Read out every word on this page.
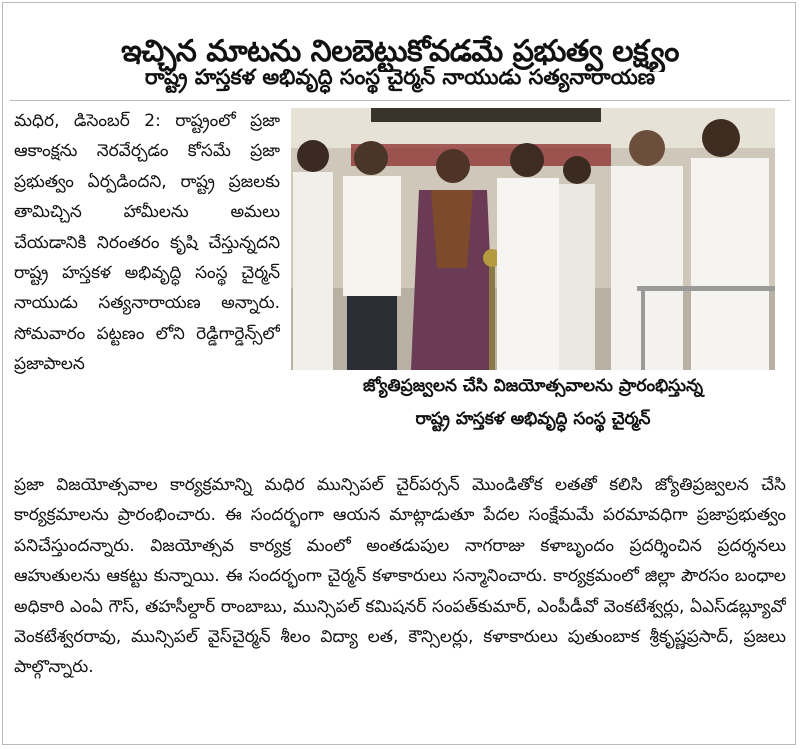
ఇచ్చిన మాటను నిలబెట్టుకోవడమే ప్రభుత్వ లక్ష్యం
రాష్ట్ర హస్తకళ అభివృద్ధి సంస్థ చైర్మన్ నాయుడు సత్యనారాయణ
మధిర, డిసెంబర్ 2: రాష్ట్రంలో ప్రజా ఆకాంక్షను నెరవేర్చడం కోసమే ప్రజా ప్రభుత్వం ఏర్పడిందని, రాష్ట్ర ప్రజలకు తామిచ్చిన హామీలను అమలు చేయడానికి నిరంతరం కృషి చేస్తున్నదని రాష్ట్ర హస్తకళ అభివృద్ధి సంస్థ చైర్మన్ నాయుడు సత్యనారాయణ అన్నారు. సోమవారం పట్టణం లోని రెడ్డిగార్డెన్స్‌లో ప్రజాపాలన
జ్యోతిప్రజ్వలన చేసి విజయోత్సవాలను ప్రారంభిస్తున్న
రాష్ట్ర హస్తకళ అభివృద్ధి సంస్థ చైర్మన్
ప్రజా విజయోత్సవాల కార్యక్రమాన్ని మధిర మున్సిపల్ చైర్‌పర్సన్ మొండితోక లతతో కలిసి జ్యోతిప్రజ్వలన చేసి కార్యక్రమాలను ప్రారంభించారు. ఈ సందర్భంగా ఆయన మాట్లాడుతూ పేదల సంక్షేమమే పరమావధిగా ప్రజాప్రభుత్వం పనిచేస్తుందన్నారు. విజయోత్సవ కార్యక్ర మంలో అంతడుపుల నాగరాజు కళాబృందం ప్రదర్శించిన ప్రదర్శనలు ఆహుతులను ఆకట్టు కున్నాయి. ఈ సందర్భంగా చైర్మన్ కళాకారులు సన్మానించారు. కార్యక్రమంలో జిల్లా పౌరసం బంధాల అధికారి ఎంఏ గౌస్, తహసీల్దార్ రాంబాబు, మున్సిపల్ కమిషనర్ సంపత్‌కుమార్, ఎంపీడీవో వెంకటేశ్వర్లు, ఏఎస్‌డబ్ల్యూవో వెంకటేశ్వరరావు, మున్సిపల్ వైస్‌చైర్మన్ శీలం విద్యా లత, కౌన్సిలర్లు, కళాకారులు పుతుంబాక శ్రీకృష్ణప్రసాద్, ప్రజలు పాల్గొన్నారు.
